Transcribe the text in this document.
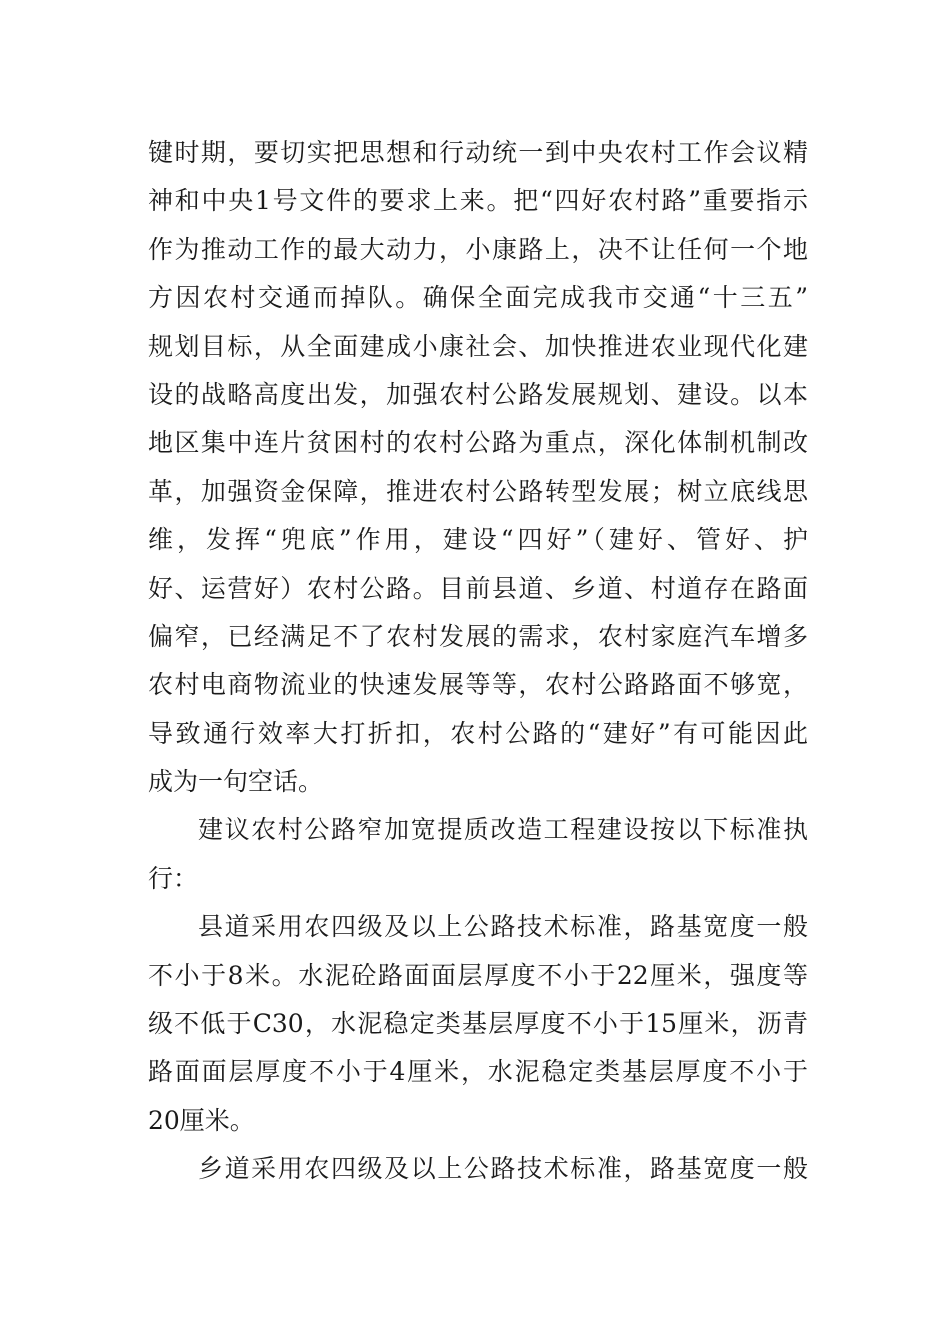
键时期，要切实把思想和行动统一到中央农村工作会议精
神和中央1号文件的要求上来。把“四好农村路”重要指示
作为推动工作的最大动力，小康路上，决不让任何一个地
方因农村交通而掉队。确保全面完成我市交通“十三五”
规划目标，从全面建成小康社会、加快推进农业现代化建
设的战略高度出发，加强农村公路发展规划、建设。以本
地区集中连片贫困村的农村公路为重点，深化体制机制改
革，加强资金保障，推进农村公路转型发展；树立底线思
维，发挥“兜底”作用，建设“四好”（建好、管好、护
好、运营好）农村公路。目前县道、乡道、村道存在路面
偏窄，已经满足不了农村发展的需求，农村家庭汽车增多
农村电商物流业的快速发展等等，农村公路路面不够宽，
导致通行效率大打折扣，农村公路的“建好”有可能因此
成为一句空话。
建议农村公路窄加宽提质改造工程建设按以下标准执
行：
县道采用农四级及以上公路技术标准，路基宽度一般
不小于8米。水泥砼路面面层厚度不小于22厘米，强度等
级不低于C30，水泥稳定类基层厚度不小于15厘米，沥青
路面面层厚度不小于4厘米，水泥稳定类基层厚度不小于
20厘米。
乡道采用农四级及以上公路技术标准，路基宽度一般
